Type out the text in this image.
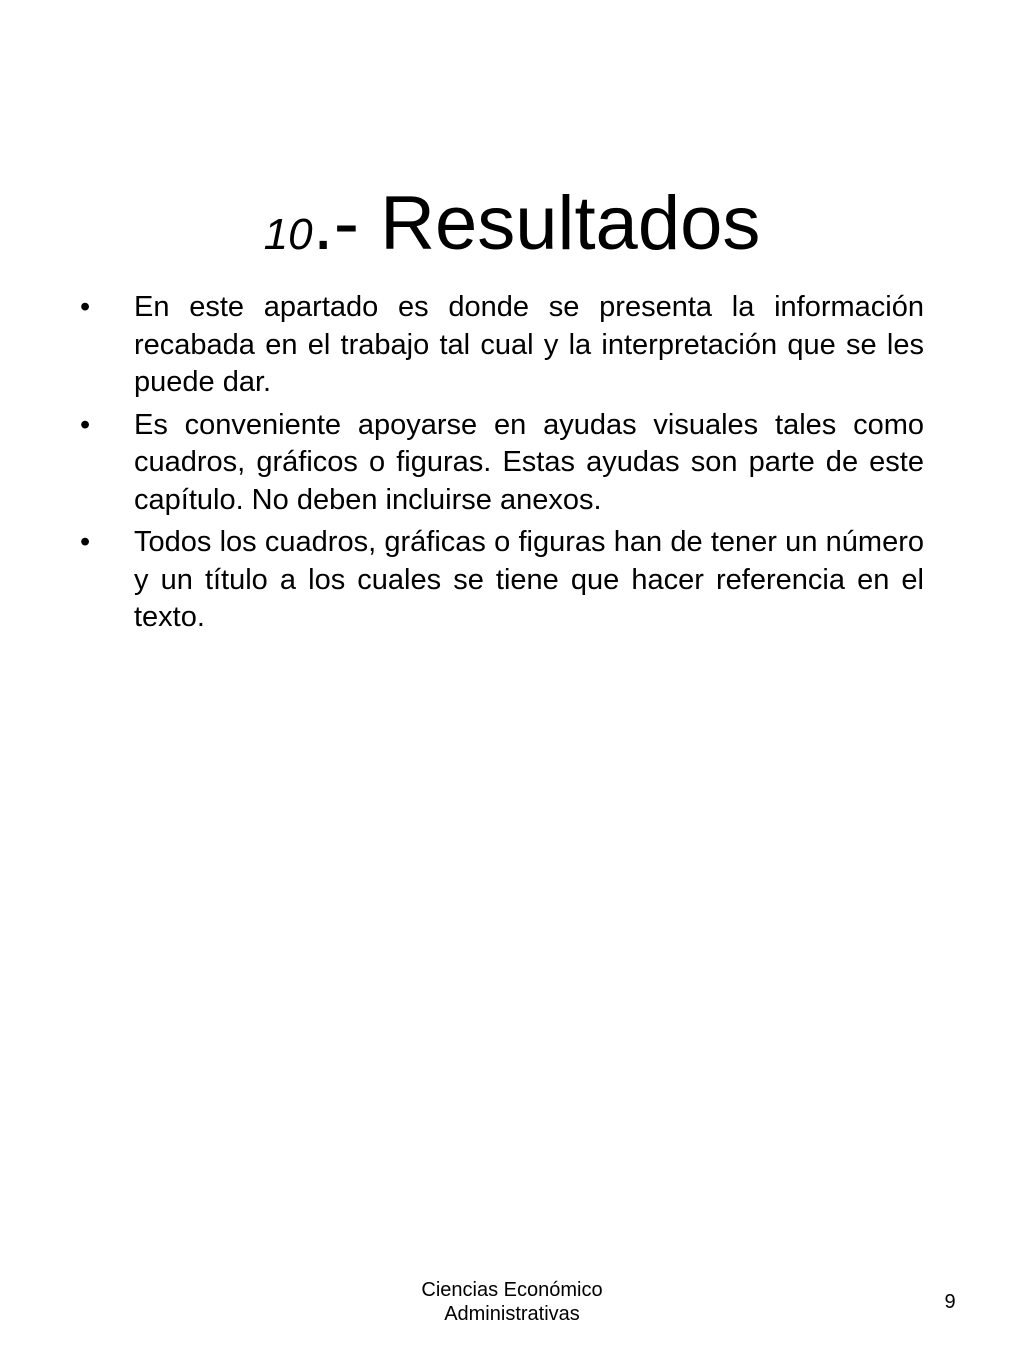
10.- Resultados
•	En este apartado es donde se presenta la información recabada en el trabajo tal cual y la interpretación que se les puede dar.
•	Es conveniente apoyarse en ayudas visuales tales como cuadros, gráficos o figuras. Estas ayudas son parte de este capítulo. No deben incluirse anexos.
•	Todos los cuadros, gráficas o figuras han de tener un número y un título a los cuales se tiene que hacer referencia en el texto.
Ciencias Económico
Administrativas
9
